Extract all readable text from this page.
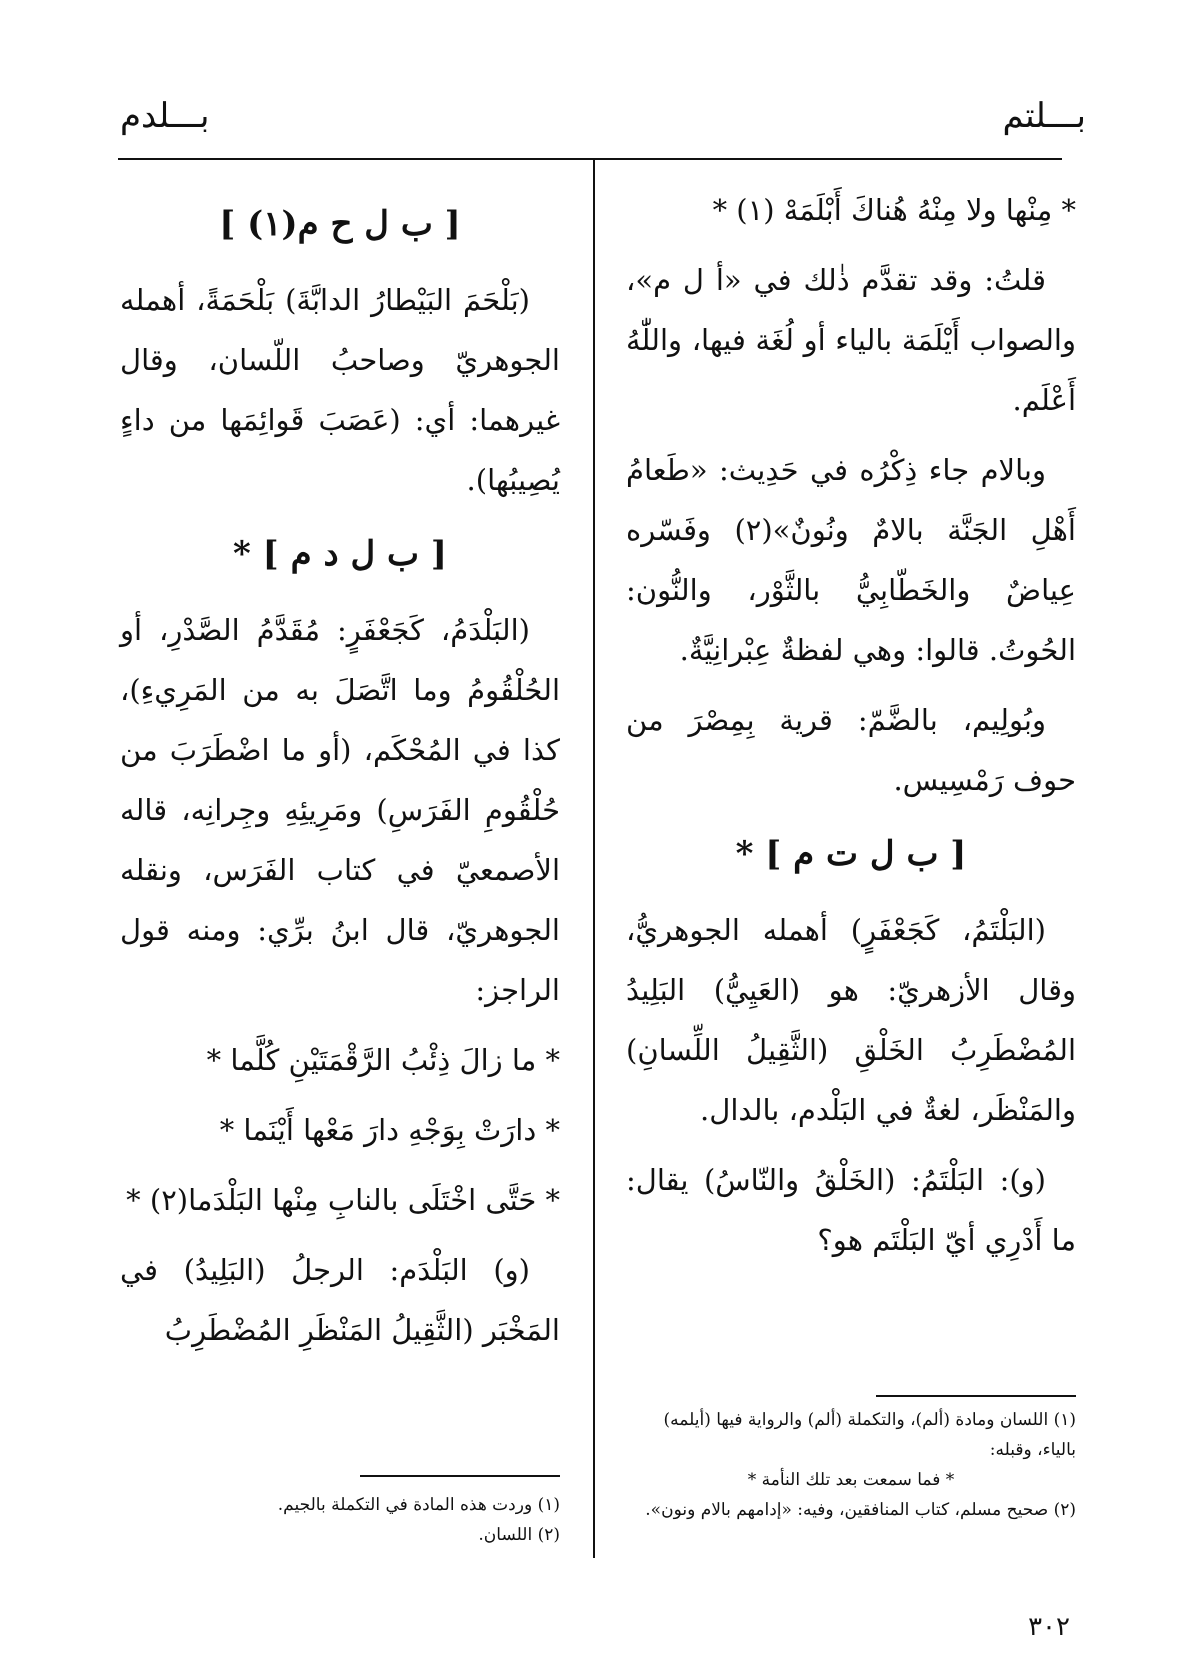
بـــلتم
بـــلدم

* مِنْها ولا مِنْهُ هُناكَ أَبْلَمَهْ (١) *

قلتُ: وقد تقدَّم ذٰلك في «أ ل م»، والصواب أَيْلَمَة بالياء أو لُغَة فيها، واللّٰهُ أَعْلَم.

وبالام جاء ذِكْرُه في حَدِيث: «طَعامُ أَهْلِ الجَنَّة بالامٌ ونُونٌ»(٢) وفَسّره عِياضٌ والخَطّابِيُّ بالثَّوْر، والنُّون: الحُوتُ. قالوا: وهي لفظةٌ عِبْرانِيَّةٌ.

وبُولِيم، بالضَّمّ: قرية بِمِصْرَ من حوف رَمْسِيس.

[ ب ل ت م ] *

(البَلْتَمُ، كَجَعْفَرٍ) أهمله الجوهريُّ، وقال الأزهريّ: هو (العَيِيُّ) البَلِيدُ المُضْطَرِبُ الخَلْقِ (الثَّقِيلُ اللِّسانِ) والمَنْظَر، لغةٌ في البَلْدم، بالدال.

(و): البَلْتَمُ: (الخَلْقُ والنّاسُ) يقال: ما أَدْرِي أيّ البَلْتَم هو؟

[ ب ل ح م(١) ]

(بَلْحَمَ البَيْطارُ الدابَّةَ) بَلْحَمَةً، أهمله الجوهريّ وصاحبُ اللّسان، وقال غيرهما: أي: (عَصَبَ قَوائِمَها من داءٍ يُصِيبُها).

[ ب ل د م ] *

(البَلْدَمُ، كَجَعْفَرٍ: مُقَدَّمُ الصَّدْرِ، أو الحُلْقُومُ وما اتَّصَلَ به من المَرِيءِ)، كذا في المُحْكَم، (أو ما اضْطَرَبَ من حُلْقُومِ الفَرَسِ) ومَرِيئِهِ وجِرانِه، قاله الأصمعيّ في كتاب الفَرَس، ونقله الجوهريّ، قال ابنُ برِّي: ومنه قول الراجز:

* ما زالَ ذِئْبُ الرَّقْمَتَيْنِ كُلَّما *

* دارَتْ بِوَجْهِ دارَ مَعْها أَيْنَما *

* حَتَّى اخْتَلَى بالنابِ مِنْها البَلْدَما(٢) *

(و) البَلْدَم: الرجلُ (البَلِيدُ) في المَخْبَر (الثَّقِيلُ المَنْظَرِ المُضْطَرِبُ

(١) اللسان ومادة (ألم)، والتكملة (ألم) والرواية فيها (أيلمه) بالياء، وقبله:

* فما سمعت بعد تلك النأمة *

(٢) صحيح مسلم، كتاب المنافقين، وفيه: «إدامهم بالام ونون».

(١) وردت هذه المادة في التكملة بالجيم.

(٢) اللسان.

٣٠٢
